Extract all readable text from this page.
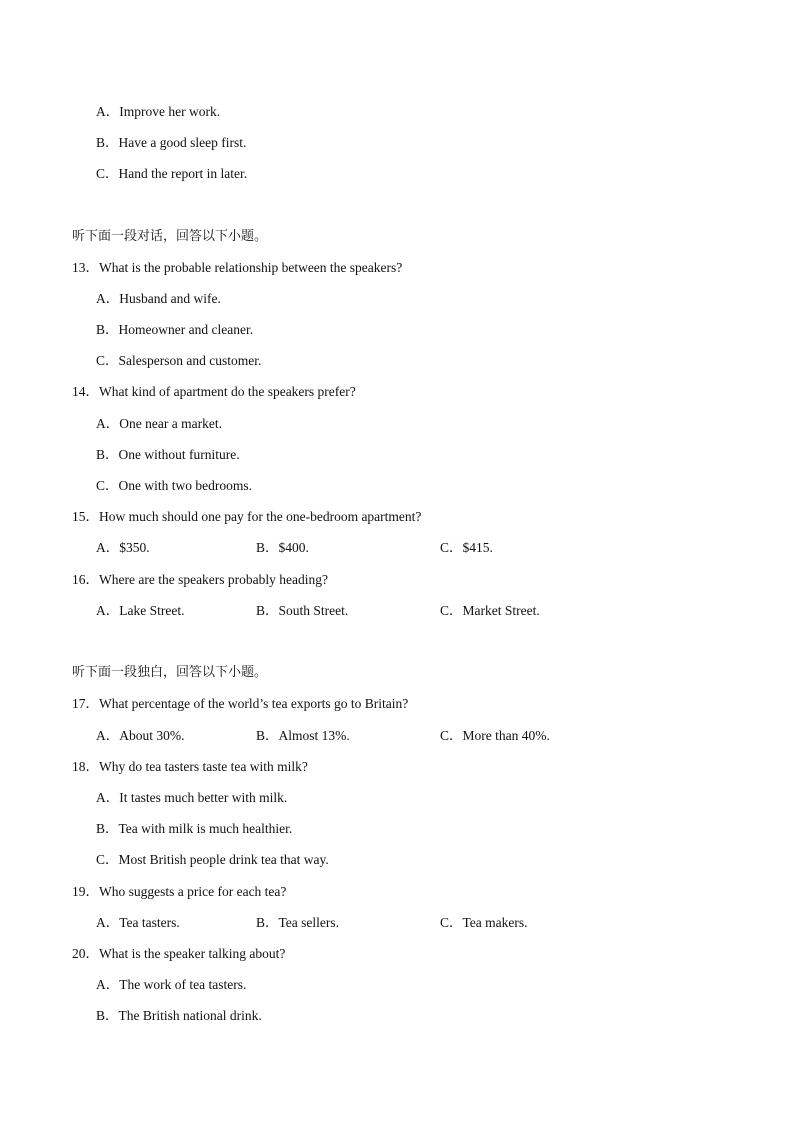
A．Improve her work.
B．Have a good sleep first.
C．Hand the report in later.
听下面一段对话，回答以下小题。
13．What is the probable relationship between the speakers?
A．Husband and wife.
B．Homeowner and cleaner.
C．Salesperson and customer.
14．What kind of apartment do the speakers prefer?
A．One near a market.
B．One without furniture.
C．One with two bedrooms.
15．How much should one pay for the one-bedroom apartment?
A．$350.	B．$400.	C．$415.
16．Where are the speakers probably heading?
A．Lake Street.	B．South Street.	C．Market Street.
听下面一段独白，回答以下小题。
17．What percentage of the world’s tea exports go to Britain?
A．About 30%.	B．Almost 13%.	C．More than 40%.
18．Why do tea tasters taste tea with milk?
A．It tastes much better with milk.
B．Tea with milk is much healthier.
C．Most British people drink tea that way.
19．Who suggests a price for each tea?
A．Tea tasters.	B．Tea sellers.	C．Tea makers.
20．What is the speaker talking about?
A．The work of tea tasters.
B．The British national drink.
